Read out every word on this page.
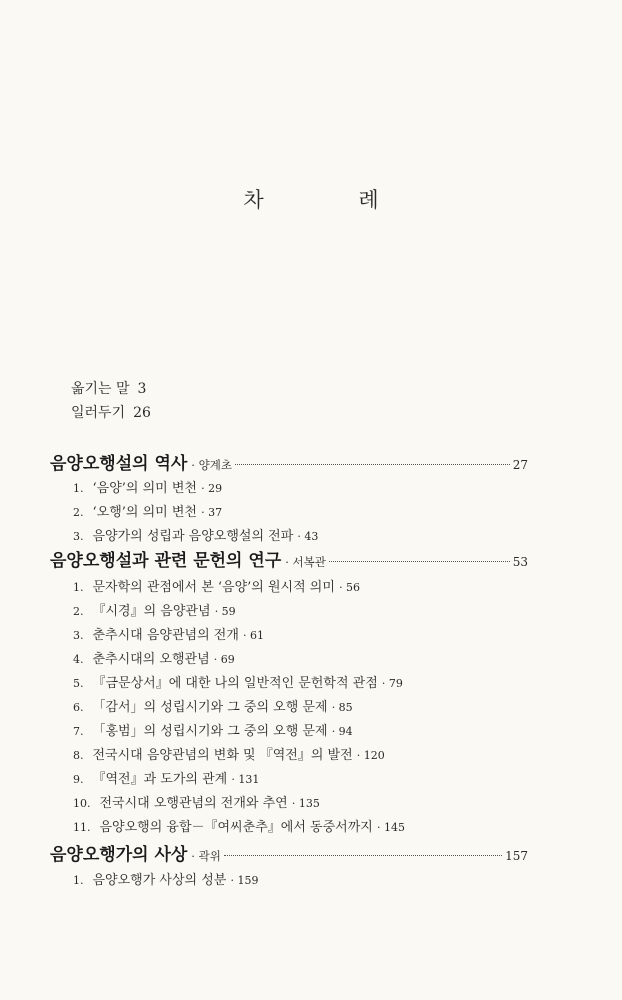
차 례
옮기는 말 3
일러두기 26
음양오행설의 역사 · 양계초	27
1. ‘음양’의 의미 변천 · 29
2. ‘오행’의 의미 변천 · 37
3. 음양가의 성립과 음양오행설의 전파 · 43
음양오행설과 관련 문헌의 연구 · 서복관	53
1. 문자학의 관점에서 본 ‘음양’의 원시적 의미 · 56
2. 『시경』의 음양관념 · 59
3. 춘추시대 음양관념의 전개 · 61
4. 춘추시대의 오행관념 · 69
5. 『금문상서』에 대한 나의 일반적인 문헌학적 관점 · 79
6. 「감서」의 성립시기와 그 중의 오행 문제 · 85
7. 「홍범」의 성립시기와 그 중의 오행 문제 · 94
8. 전국시대 음양관념의 변화 및 『역전』의 발전 · 120
9. 『역전』과 도가의 관계 · 131
10. 전국시대 오행관념의 전개와 추연 · 135
11. 음양오행의 융합－『여씨춘추』에서 동중서까지 · 145
음양오행가의 사상 · 곽위	157
1. 음양오행가 사상의 성분 · 159
